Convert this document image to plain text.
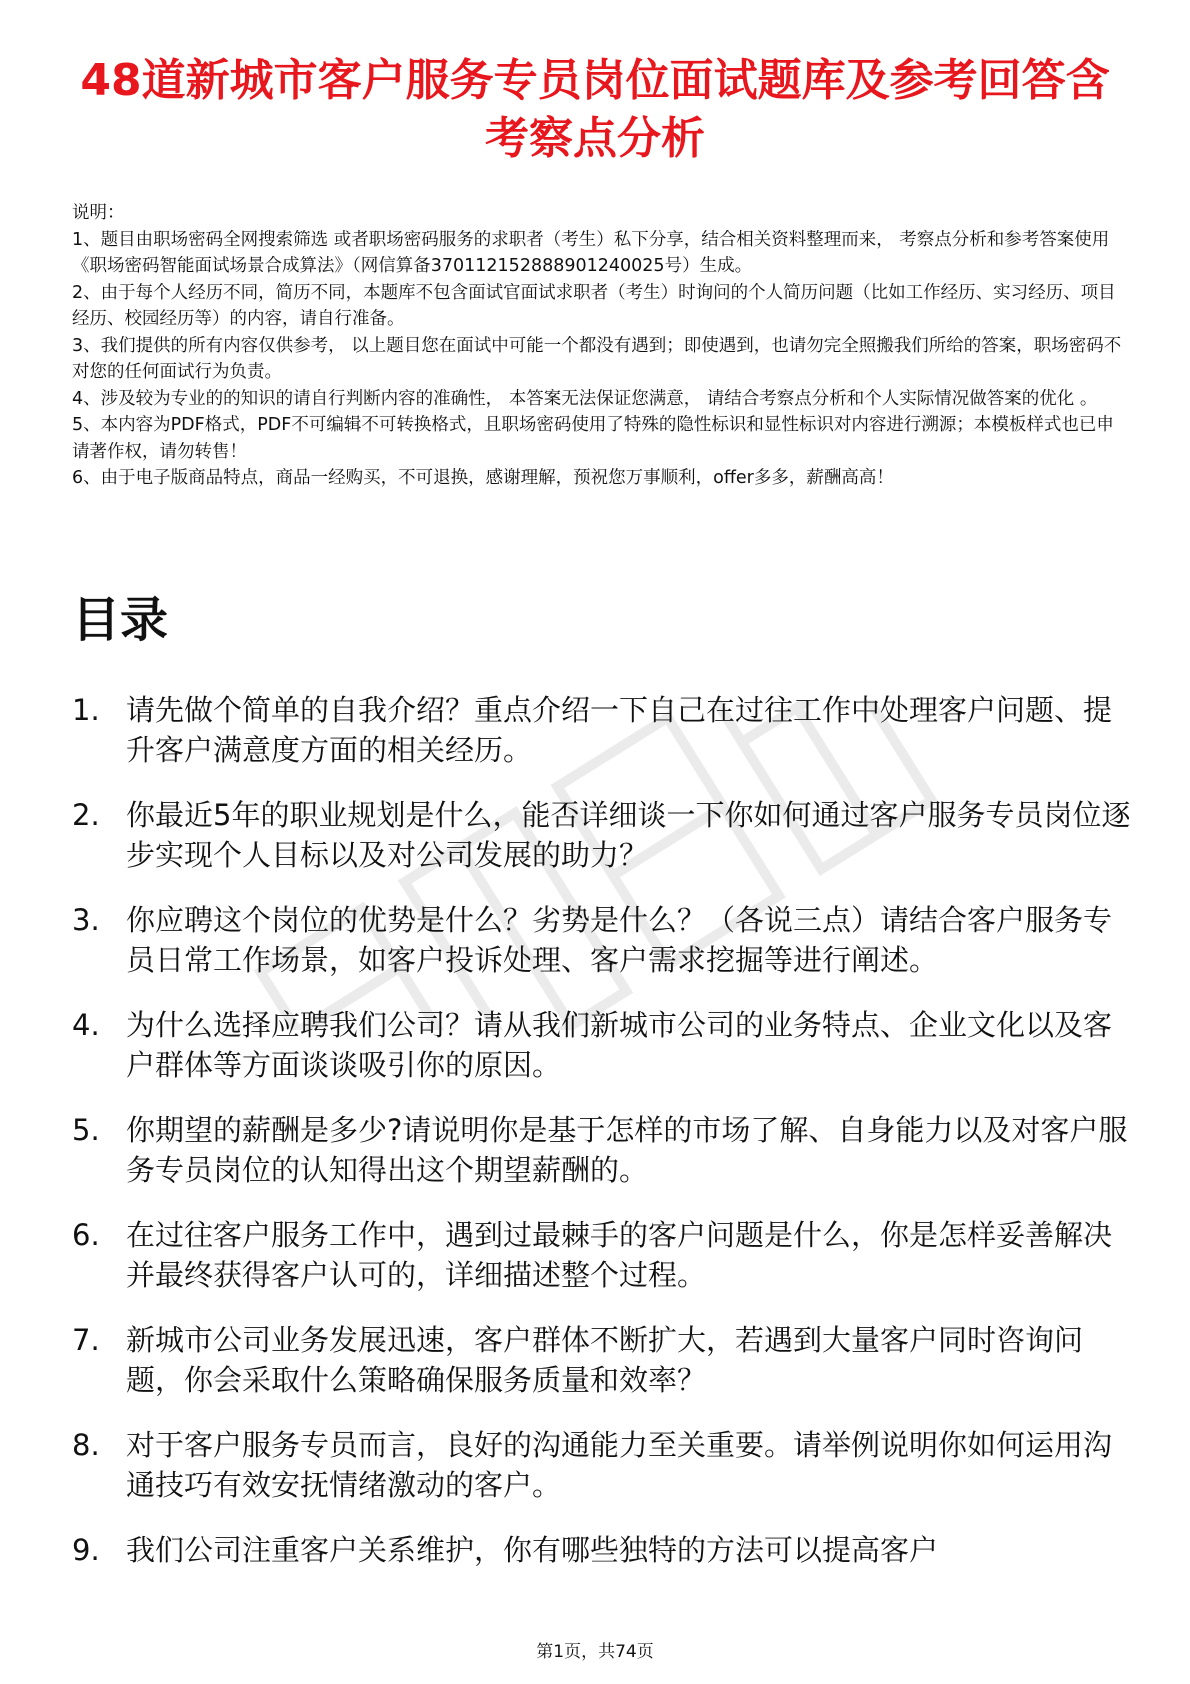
48道新城市客户服务专员岗位面试题库及参考回答含考察点分析

说明：

1、题目由职场密码全网搜索筛选 或者职场密码服务的求职者（考生）私下分享，结合相关资料整理而来， 考察点分析和参考答案使用《职场密码智能面试场景合成算法》（网信算备370112152888901240025号）生成。

2、由于每个人经历不同，简历不同，本题库不包含面试官面试求职者（考生）时询问的个人简历问题（比如工作经历、实习经历、项目经历、校园经历等）的内容，请自行准备。

3、我们提供的所有内容仅供参考， 以上题目您在面试中可能一个都没有遇到；即使遇到，也请勿完全照搬我们所给的答案，职场密码不对您的任何面试行为负责。

4、涉及较为专业的的知识的请自行判断内容的准确性， 本答案无法保证您满意， 请结合考察点分析和个人实际情况做答案的优化 。

5、本内容为PDF格式，PDF不可编辑不可转换格式，且职场密码使用了特殊的隐性标识和显性标识对内容进行溯源；本模板样式也已申请著作权，请勿转售！

6、由于电子版商品特点，商品一经购买，不可退换，感谢理解，预祝您万事顺利，offer多多，薪酬高高！

目录
1. 请先做个简单的自我介绍？重点介绍一下自己在过往工作中处理客户问题、提升客户满意度方面的相关经历。
2. 你最近5年的职业规划是什么，能否详细谈一下你如何通过客户服务专员岗位逐步实现个人目标以及对公司发展的助力？
3. 你应聘这个岗位的优势是什么？劣势是什么？（各说三点）请结合客户服务专员日常工作场景，如客户投诉处理、客户需求挖掘等进行阐述。
4. 为什么选择应聘我们公司？请从我们新城市公司的业务特点、企业文化以及客户群体等方面谈谈吸引你的原因。
5. 你期望的薪酬是多少?请说明你是基于怎样的市场了解、自身能力以及对客户服务专员岗位的认知得出这个期望薪酬的。
6. 在过往客户服务工作中，遇到过最棘手的客户问题是什么，你是怎样妥善解决并最终获得客户认可的，详细描述整个过程。
7. 新城市公司业务发展迅速，客户群体不断扩大，若遇到大量客户同时咨询问题，你会采取什么策略确保服务质量和效率？
8. 对于客户服务专员而言，良好的沟通能力至关重要。请举例说明你如何运用沟通技巧有效安抚情绪激动的客户。
9. 我们公司注重客户关系维护，你有哪些独特的方法可以提高客户
第1页，共74页
